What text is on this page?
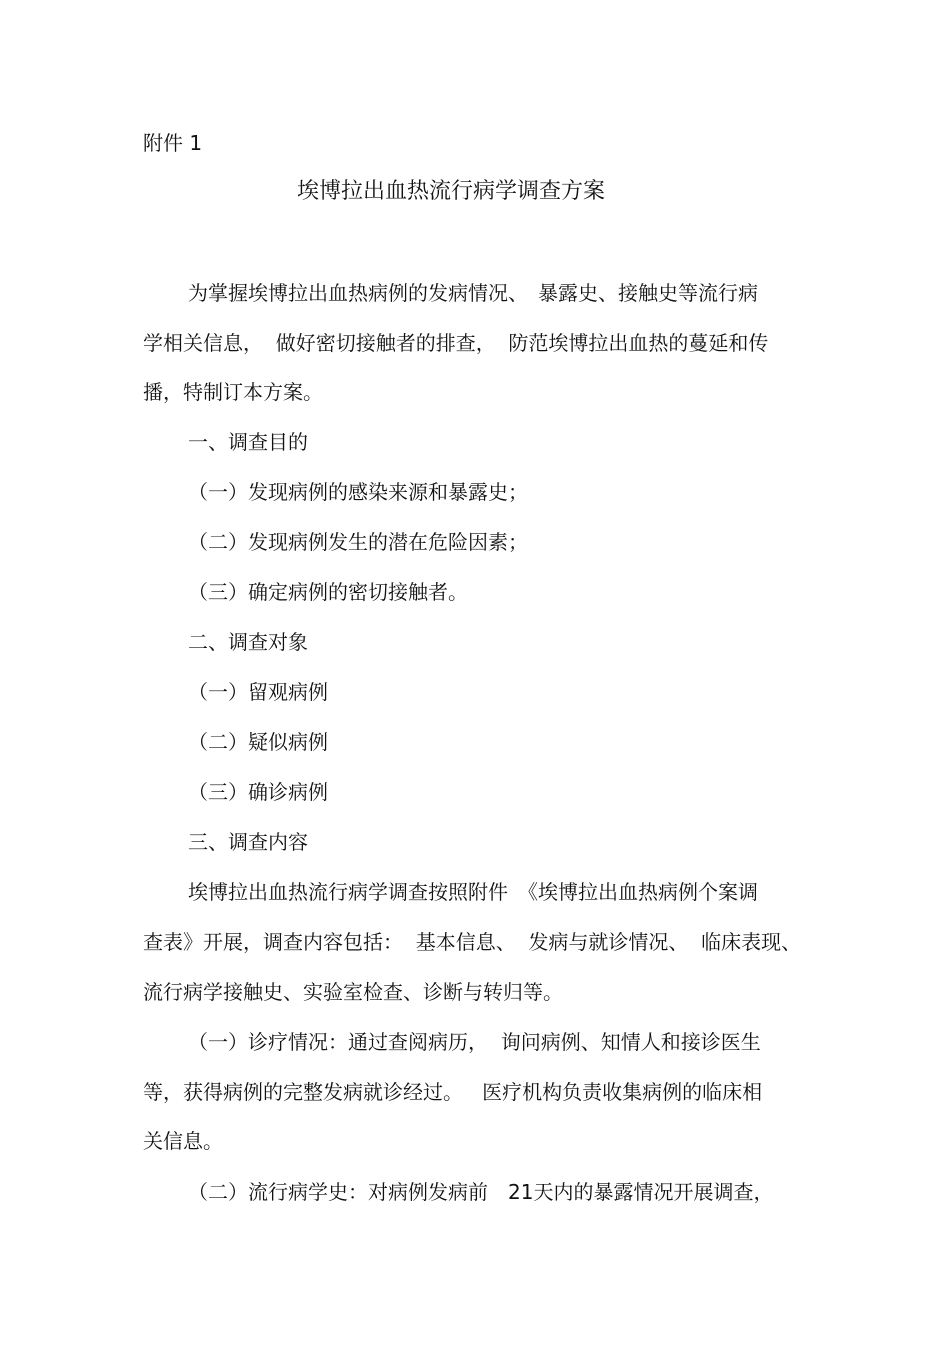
附件 1
埃博拉出血热流行病学调查方案
为掌握埃博拉出血热病例的发病情况、　暴露史、接触史等流行病
学相关信息，  做好密切接触者的排查，  防范埃博拉出血热的蔓延和传
播，特制订本方案。
一、调查目的
（一）发现病例的感染来源和暴露史；
（二）发现病例发生的潜在危险因素；
（三）确定病例的密切接触者。
二、调查对象
（一）留观病例
（二）疑似病例
（三）确诊病例
三、调查内容
埃博拉出血热流行病学调查按照附件　《埃博拉出血热病例个案调
查表》开展，调查内容包括：  基本信息、  发病与就诊情况、  临床表现、
流行病学接触史、实验室检查、诊断与转归等。
（一）诊疗情况：通过查阅病历，  询问病例、知情人和接诊医生
等，获得病例的完整发病就诊经过。   医疗机构负责收集病例的临床相
关信息。
（二）流行病学史：对病例发病前　21天内的暴露情况开展调查，
